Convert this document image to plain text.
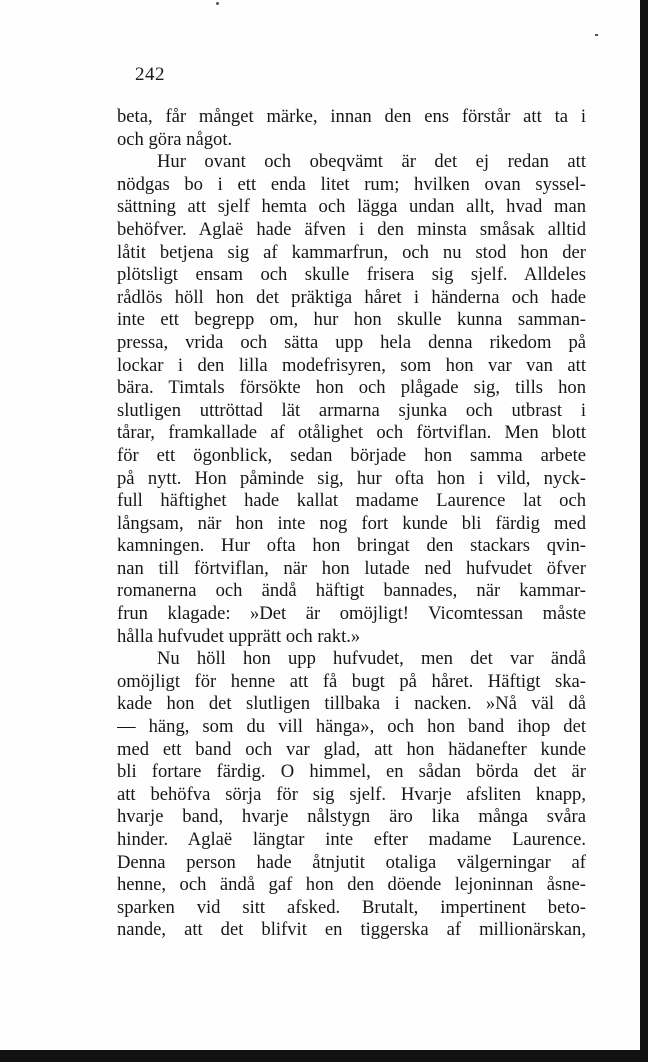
242
beta, får månget märke, innan den ens förstår att ta i
och göra något.
Hur ovant och obeqvämt är det ej redan att
nödgas bo i ett enda litet rum; hvilken ovan syssel-
sättning att sjelf hemta och lägga undan allt, hvad man
behöfver. Aglaë hade äfven i den minsta småsak alltid
låtit betjena sig af kammarfrun, och nu stod hon der
plötsligt ensam och skulle frisera sig sjelf. Alldeles
rådlös höll hon det präktiga håret i händerna och hade
inte ett begrepp om, hur hon skulle kunna samman-
pressa, vrida och sätta upp hela denna rikedom på
lockar i den lilla modefrisyren, som hon var van att
bära. Timtals försökte hon och plågade sig, tills hon
slutligen uttröttad lät armarna sjunka och utbrast i
tårar, framkallade af otålighet och förtviflan. Men blott
för ett ögonblick, sedan började hon samma arbete
på nytt. Hon påminde sig, hur ofta hon i vild, nyck-
full häftighet hade kallat madame Laurence lat och
långsam, när hon inte nog fort kunde bli färdig med
kamningen. Hur ofta hon bringat den stackars qvin-
nan till förtviflan, när hon lutade ned hufvudet öfver
romanerna och ändå häftigt bannades, när kammar-
frun klagade: »Det är omöjligt! Vicomtessan måste
hålla hufvudet upprätt och rakt.»
Nu höll hon upp hufvudet, men det var ändå
omöjligt för henne att få bugt på håret. Häftigt ska-
kade hon det slutligen tillbaka i nacken. »Nå väl då
— häng, som du vill hänga», och hon band ihop det
med ett band och var glad, att hon hädanefter kunde
bli fortare färdig. O himmel, en sådan börda det är
att behöfva sörja för sig sjelf. Hvarje afsliten knapp,
hvarje band, hvarje nålstygn äro lika många svåra
hinder. Aglaë längtar inte efter madame Laurence.
Denna person hade åtnjutit otaliga välgerningar af
henne, och ändå gaf hon den döende lejoninnan åsne-
sparken vid sitt afsked. Brutalt, impertinent beto-
nande, att det blifvit en tiggerska af millionärskan,
